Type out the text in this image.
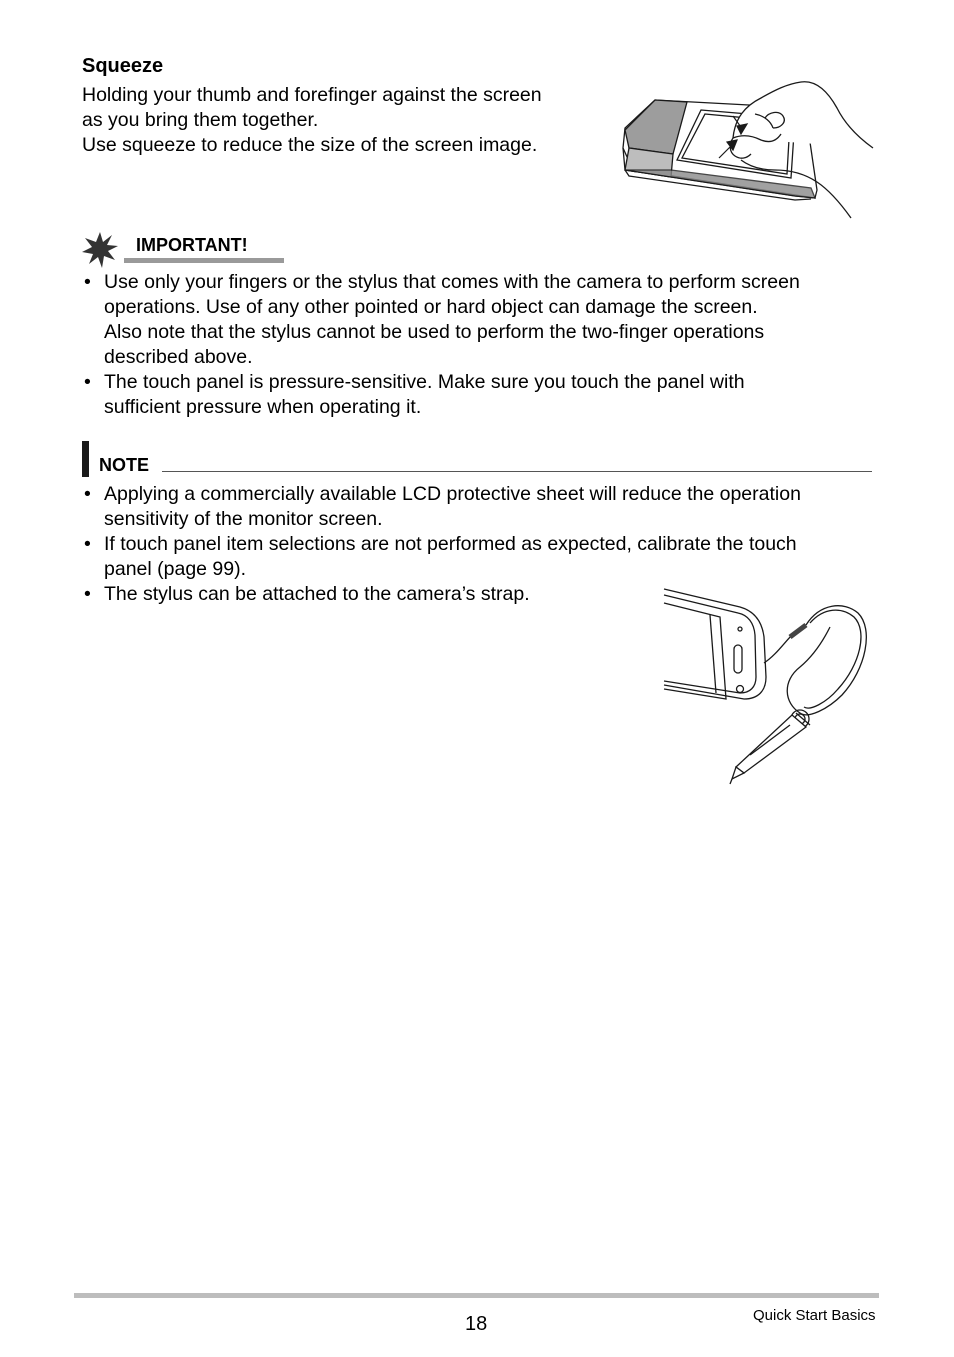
Squeeze
Holding your thumb and forefinger against the screen
as you bring them together.
Use squeeze to reduce the size of the screen image.
IMPORTANT!
• Use only your fingers or the stylus that comes with the camera to perform screen
operations. Use of any other pointed or hard object can damage the screen.
Also note that the stylus cannot be used to perform the two-finger operations
described above.
• The touch panel is pressure-sensitive. Make sure you touch the panel with
sufficient pressure when operating it.
NOTE
• Applying a commercially available LCD protective sheet will reduce the operation
sensitivity of the monitor screen.
• If touch panel item selections are not performed as expected, calibrate the touch
panel (page 99).
• The stylus can be attached to the camera’s strap.
18	Quick Start Basics
